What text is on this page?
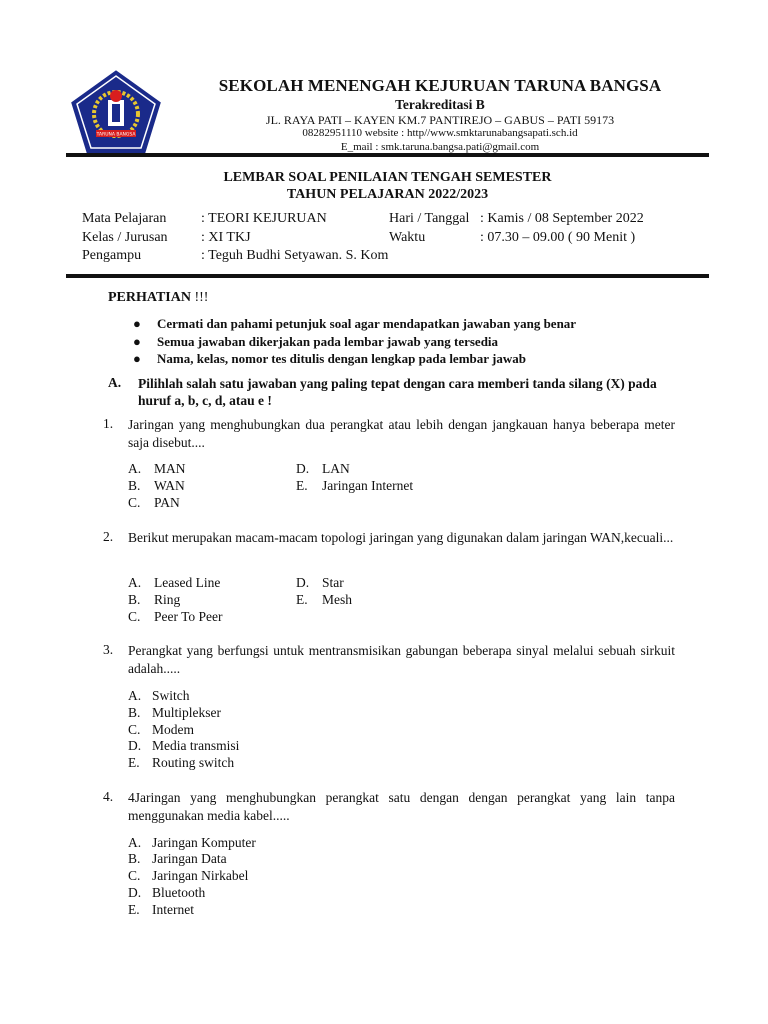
TARUNA BANGSA
SEKOLAH MENENGAH KEJURUAN TARUNA BANGSA
Terakreditasi B
JL. RAYA PATI – KAYEN KM.7 PANTIREJO – GABUS – PATI 59173
08282951110 website : http//www.smktarunabangsapati.sch.id
E_mail : smk.taruna.bangsa.pati@gmail.com
LEMBAR SOAL PENILAIAN TENGAH SEMESTER
TAHUN PELAJARAN 2022/2023
Mata Pelajaran : TEORI KEJURUAN	Hari / Tanggal : Kamis / 08 September 2022
Kelas / Jurusan : XI TKJ	Waktu	: 07.30 – 09.00 ( 90 Menit )
Pengampu	: Teguh Budhi Setyawan. S. Kom
PERHATIAN !!!
● Cermati dan pahami petunjuk soal agar mendapatkan jawaban yang benar
● Semua jawaban dikerjakan pada lembar jawab yang tersedia
● Nama, kelas, nomor tes ditulis dengan lengkap pada lembar jawab
A. Pilihlah salah satu jawaban yang paling tepat dengan cara memberi tanda silang (X) pada huruf a, b, c, d, atau e !
1. Jaringan yang menghubungkan dua perangkat atau lebih dengan jangkauan hanya beberapa meter saja disebut....
A. MAN
B. WAN
C. PAN
D. LAN
E. Jaringan Internet
2. Berikut merupakan macam-macam topologi jaringan yang digunakan dalam jaringan WAN,kecuali...
A. Leased Line
B. Ring
C. Peer To Peer
D. Star
E. Mesh
3. Perangkat yang berfungsi untuk mentransmisikan gabungan beberapa sinyal melalui sebuah sirkuit adalah.....
A. Switch
B. Multiplekser
C. Modem
D. Media transmisi
E. Routing switch
4. 4Jaringan yang menghubungkan perangkat satu dengan dengan perangkat yang lain tanpa menggunakan media kabel.....
A. Jaringan Komputer
B. Jaringan Data
C. Jaringan Nirkabel
D. Bluetooth
E. Internet
